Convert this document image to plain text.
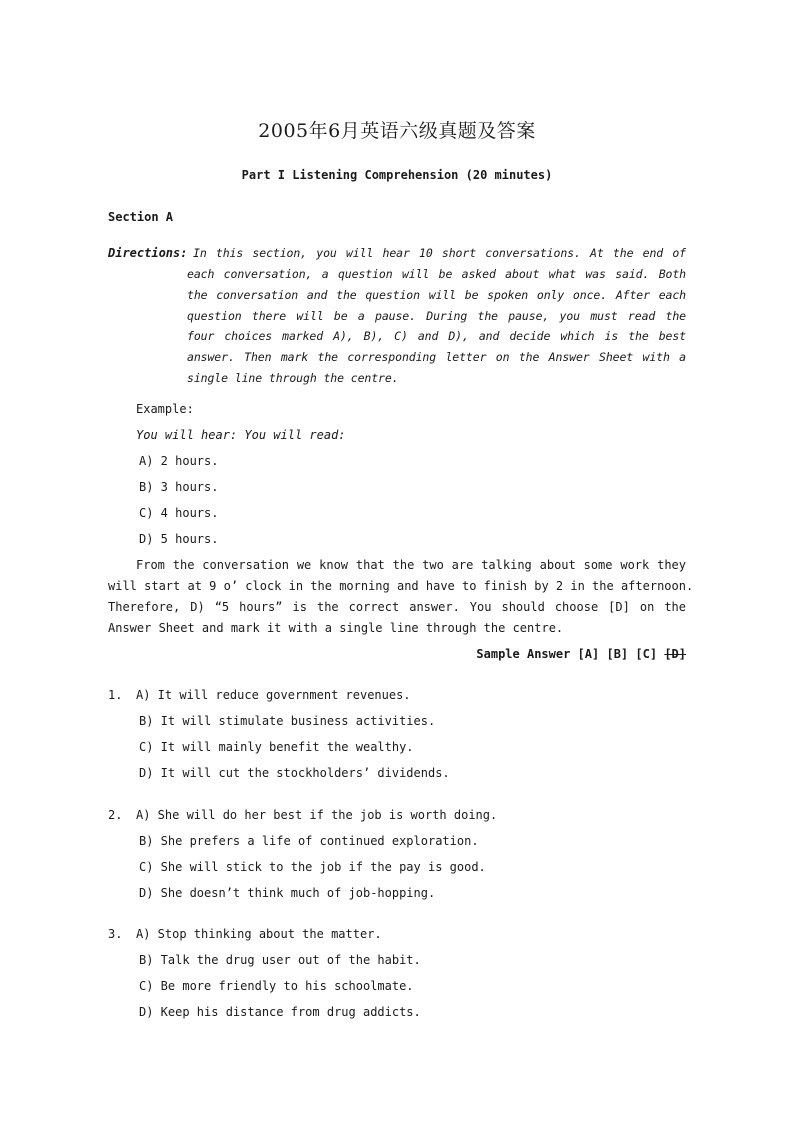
2005年6月英语六级真题及答案
Part I Listening Comprehension (20 minutes)
Section A
Directions: In this section, you will hear 10 short conversations. At the end of
each conversation, a question will be asked about what was said. Both
the conversation and the question will be spoken only once. After each
question there will be a pause. During the pause, you must read the
four choices marked A), B), C) and D), and decide which is the best
answer. Then mark the corresponding letter on the Answer Sheet with a
single line through the centre.
Example:
You will hear: You will read:
A) 2 hours.
B) 3 hours.
C) 4 hours.
D) 5 hours.
From the conversation we know that the two are talking about some work they
will start at 9 o’ clock in the morning and have to finish by 2 in the afternoon.
Therefore, D) “5 hours” is the correct answer. You should choose [D] on the
Answer Sheet and mark it with a single line through the centre.
Sample Answer [A] [B] [C] [D]
1. A) It will reduce government revenues.
B) It will stimulate business activities.
C) It will mainly benefit the wealthy.
D) It will cut the stockholders’ dividends.
2. A) She will do her best if the job is worth doing.
B) She prefers a life of continued exploration.
C) She will stick to the job if the pay is good.
D) She doesn’t think much of job-hopping.
3. A) Stop thinking about the matter.
B) Talk the drug user out of the habit.
C) Be more friendly to his schoolmate.
D) Keep his distance from drug addicts.
